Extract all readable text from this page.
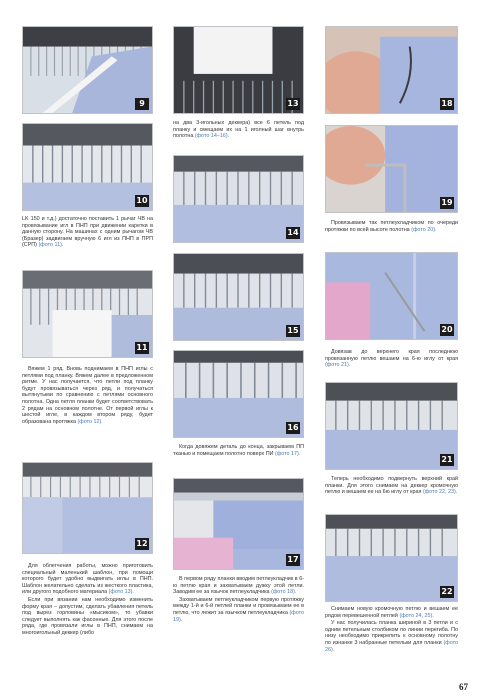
9
10
11
12
13
14
15
16
17
18
19
20
21
22

LK 150 и т.д.) достаточно поставить 1 рычаг ЧВ на провязывание игл в ПНП при движении каретки в данную сторону. На машинах с одним рычагом ЧВ (Бразер) задвигаем вручную 6 игл из ПНП в ПРП (СРП) (фото 11).

Вяжем 1 ряд. Вновь поднимаем в ПНП иглы с петлями под планку. Вяжем далее в предложенном ритме. У нас получается, что петли под планку будут провязываться через ряд, и получаться вытянутыми по сравнению с петлями основного полотна. Одна петля планки будет соответствовать 2 рядам на основном полотне. От первой иглы к шестой игле, в каждом втором ряду, будет образована протяжка (фото 12).

Для облегчения работы, можно приготовить специальный маленький шаблон, при помощи которого будет удобно выдвигать иглы в ПНП. Шаблон желательно сделать из жесткого пластика, или другого подобного материала (фото 13).

Если при вязании нам необходимо изменить форму края – допустим, сделать убавления петель под вырез горловины «мысиком», то убавки следует выполнять как фасонные. Для этого после ряда, где провязали иглы в ПНП, снимаем на многоигольный деккер (либо

на два 3-игольных деккера) все 6 петель под планку и смещаем их на 1 иголный шаг внутрь полотна (фото 14–16).

Когда довяжем деталь до конца, закрываем ПП тканью и помещаем полотно поверх ПИ (фото 17).

В первом ряду планки вводим петлеукладчик в 6-ю петлю края и захватываем дужку этой петли. Заводим ее за язычок петлеукладчика (фото 18).

Захватываем петлеукладчиком первую протяжку между 1-й и 6-й петлей планки и провязываем ее в петлю, что лежит за язычком петлеукладчика (фото 19).

Провязываем так петлеукладчиком по очереди протяжки по всей высоте полотна (фото 20).

Довязав до верхнего края последнюю провязанную петлю вешаем на 6-ю иглу от края (фото 21).

Теперь необходимо подвернуть верхний край планки. Для этого снимаем на деккер кромочную петлю и вешаем ее на 6ю иглу от края (фото 22, 23).

Снимаем новую кромочную петлю и вешаем ее рядом перевешенной петлей (фото 24, 25).

У нас получилась планка шириной в 3 петли и с одним петельным столбиком по линии перегиба. По низу необходимо прикрепить к основному полотну по изнанке 3 набранные петельки для планки (фото 26).

67
